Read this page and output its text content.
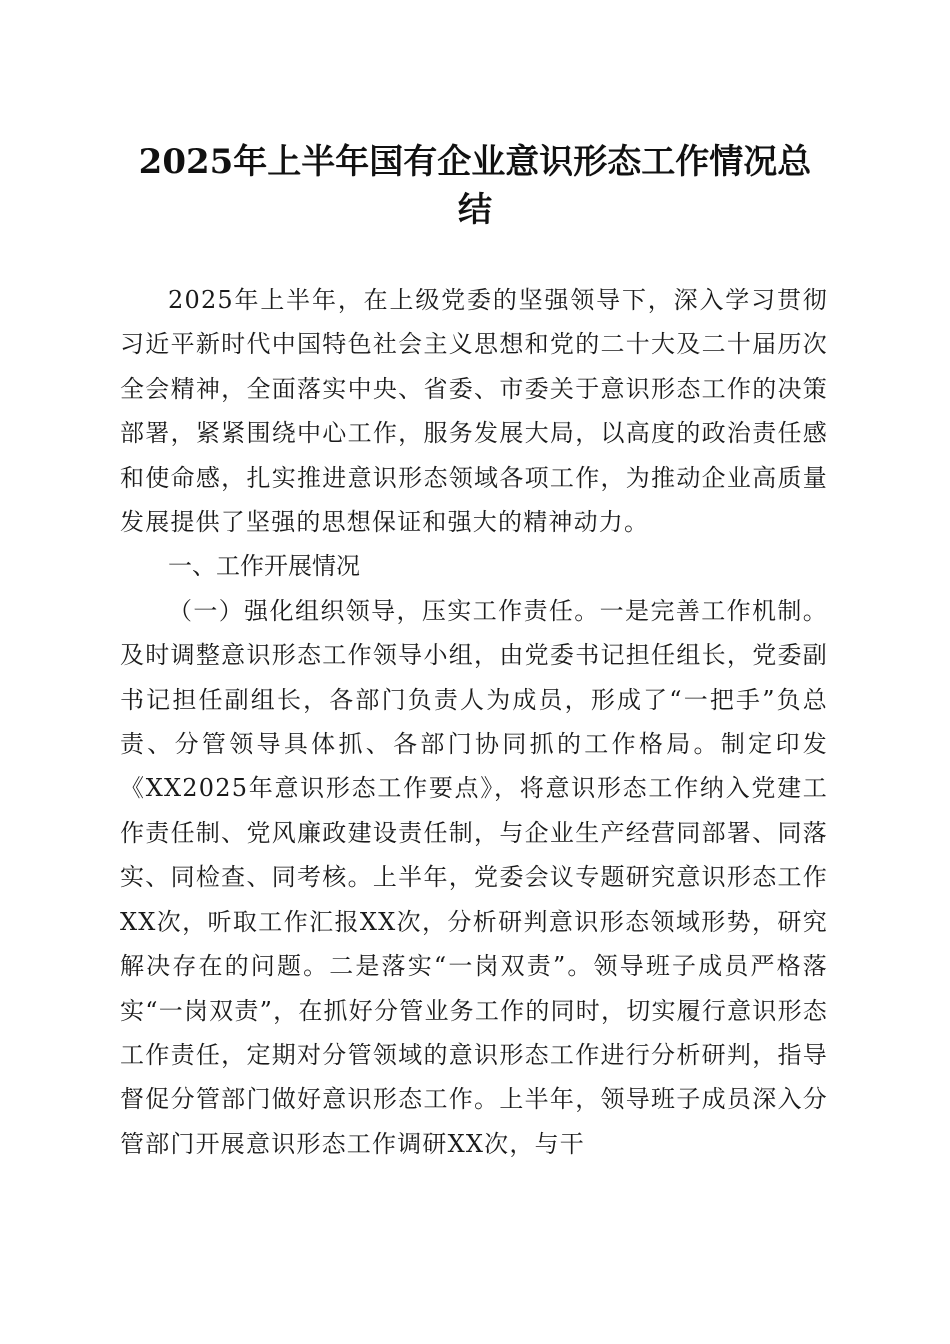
2025年上半年国有企业意识形态工作情况总
结

2025年上半年，在上级党委的坚强领导下，深入学习贯彻习近平新时代中国特色社会主义思想和党的二十大及二十届历次全会精神，全面落实中央、省委、市委关于意识形态工作的决策部署，紧紧围绕中心工作，服务发展大局，以高度的政治责任感和使命感，扎实推进意识形态领域各项工作，为推动企业高质量发展提供了坚强的思想保证和强大的精神动力。

一、工作开展情况

（一）强化组织领导，压实工作责任。一是完善工作机制。及时调整意识形态工作领导小组，由党委书记担任组长，党委副书记担任副组长，各部门负责人为成员，形成了“一把手”负总责、分管领导具体抓、各部门协同抓的工作格局。制定印发《XX2025年意识形态工作要点》，将意识形态工作纳入党建工作责任制、党风廉政建设责任制，与企业生产经营同部署、同落实、同检查、同考核。上半年，党委会议专题研究意识形态工作XX次，听取工作汇报XX次，分析研判意识形态领域形势，研究解决存在的问题。二是落实“一岗双责”。领导班子成员严格落实“一岗双责”，在抓好分管业务工作的同时，切实履行意识形态工作责任，定期对分管领域的意识形态工作进行分析研判，指导督促分管部门做好意识形态工作。上半年，领导班子成员深入分管部门开展意识形态工作调研XX次，与干
